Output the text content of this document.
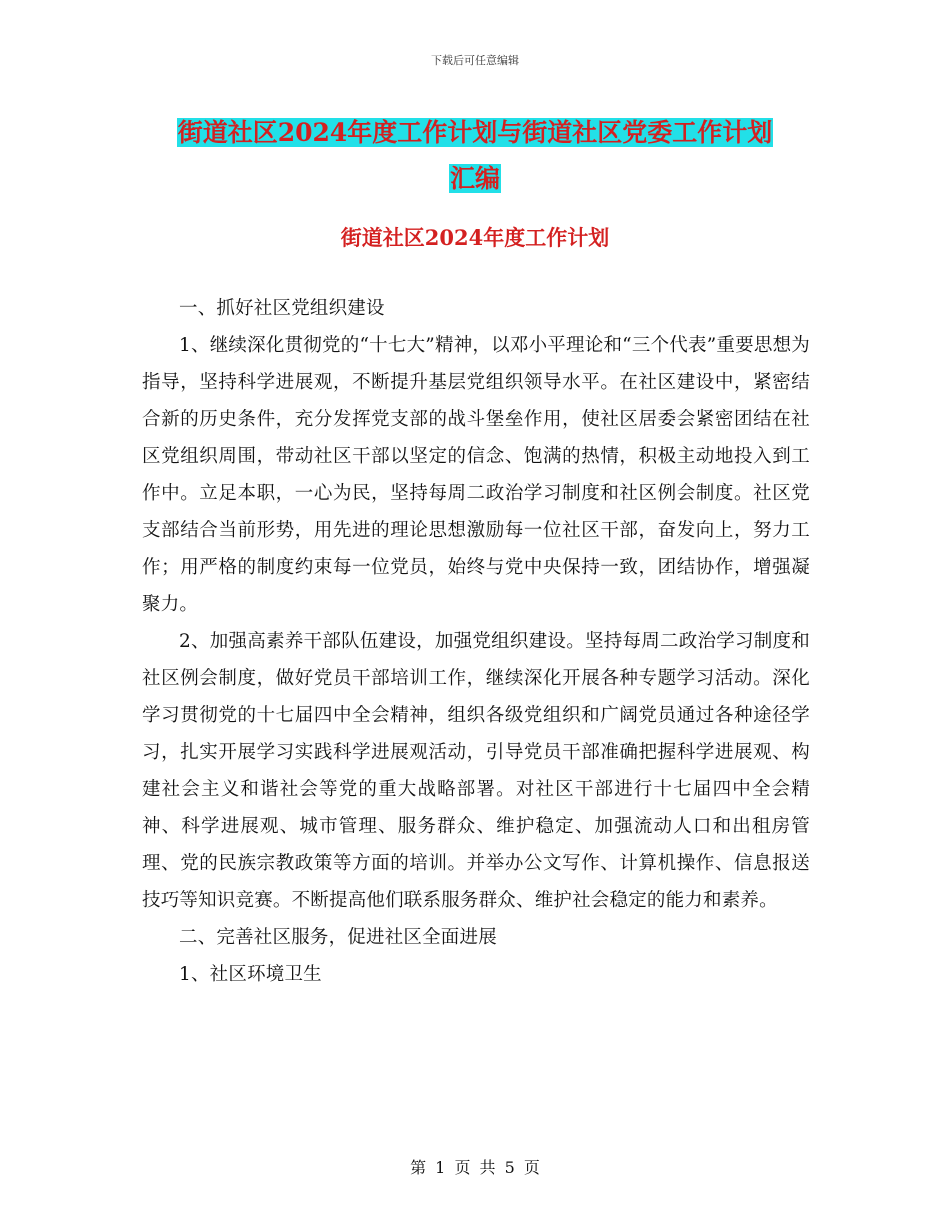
下载后可任意编辑
街道社区2024年度工作计划与街道社区党委工作计划
汇编
街道社区2024年度工作计划

一、抓好社区党组织建设

1、继续深化贯彻党的“十七大”精神，以邓小平理论和“三个代表”重要思想为指导，坚持科学进展观，不断提升基层党组织领导水平。在社区建设中，紧密结合新的历史条件，充分发挥党支部的战斗堡垒作用，使社区居委会紧密团结在社区党组织周围，带动社区干部以坚定的信念、饱满的热情，积极主动地投入到工作中。立足本职，一心为民，坚持每周二政治学习制度和社区例会制度。社区党支部结合当前形势，用先进的理论思想激励每一位社区干部，奋发向上，努力工作；用严格的制度约束每一位党员，始终与党中央保持一致，团结协作，增强凝聚力。

2、加强高素养干部队伍建设，加强党组织建设。坚持每周二政治学习制度和社区例会制度，做好党员干部培训工作，继续深化开展各种专题学习活动。深化学习贯彻党的十七届四中全会精神，组织各级党组织和广阔党员通过各种途径学习，扎实开展学习实践科学进展观活动，引导党员干部准确把握科学进展观、构建社会主义和谐社会等党的重大战略部署。对社区干部进行十七届四中全会精神、科学进展观、城市管理、服务群众、维护稳定、加强流动人口和出租房管理、党的民族宗教政策等方面的培训。并举办公文写作、计算机操作、信息报送技巧等知识竞赛。不断提高他们联系服务群众、维护社会稳定的能力和素养。

二、完善社区服务，促进社区全面进展

1、社区环境卫生

第 1 页 共 5 页
